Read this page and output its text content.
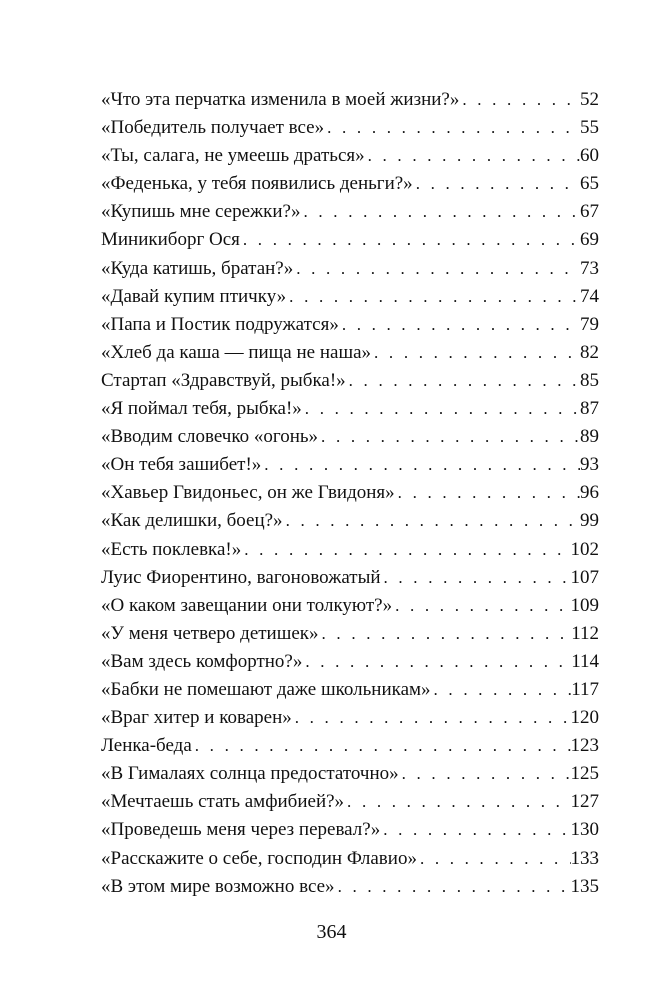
«Что эта перчатка изменила в моей жизни?» . . .	52
«Победитель получает все» . . .	55
«Ты, салага, не умеешь драться» . . .	60
«Феденька, у тебя появились деньги?» . . .	65
«Купишь мне сережки?» . . .	67
Миникиборг Ося . . .	69
«Куда катишь, братан?» . . .	73
«Давай купим птичку» . . .	74
«Папа и Постик подружатся» . . .	79
«Хлеб да каша — пища не наша» . . .	82
Стартап «Здравствуй, рыбка!» . . .	85
«Я поймал тебя, рыбка!» . . .	87
«Вводим словечко «огонь» . . .	89
«Он тебя зашибет!» . . .	93
«Хавьер Гвидоньес, он же Гвидоня» . . .	96
«Как делишки, боец?» . . .	99
«Есть поклевка!» . . .	102
Луис Фиорентино, вагоновожатый . . .	107
«О каком завещании они толкуют?» . . .	109
«У меня четверо детишек» . . .	112
«Вам здесь комфортно?» . . .	114
«Бабки не помешают даже школьникам» . . .	117
«Враг хитер и коварен» . . .	120
Ленка-беда . . .	123
«В Гималаях солнца предостаточно» . . .	125
«Мечтаешь стать амфибией?» . . .	127
«Проведешь меня через перевал?» . . .	130
«Расскажите о себе, господин Флавио» . . .	133
«В этом мире возможно все» . . .	135
364
